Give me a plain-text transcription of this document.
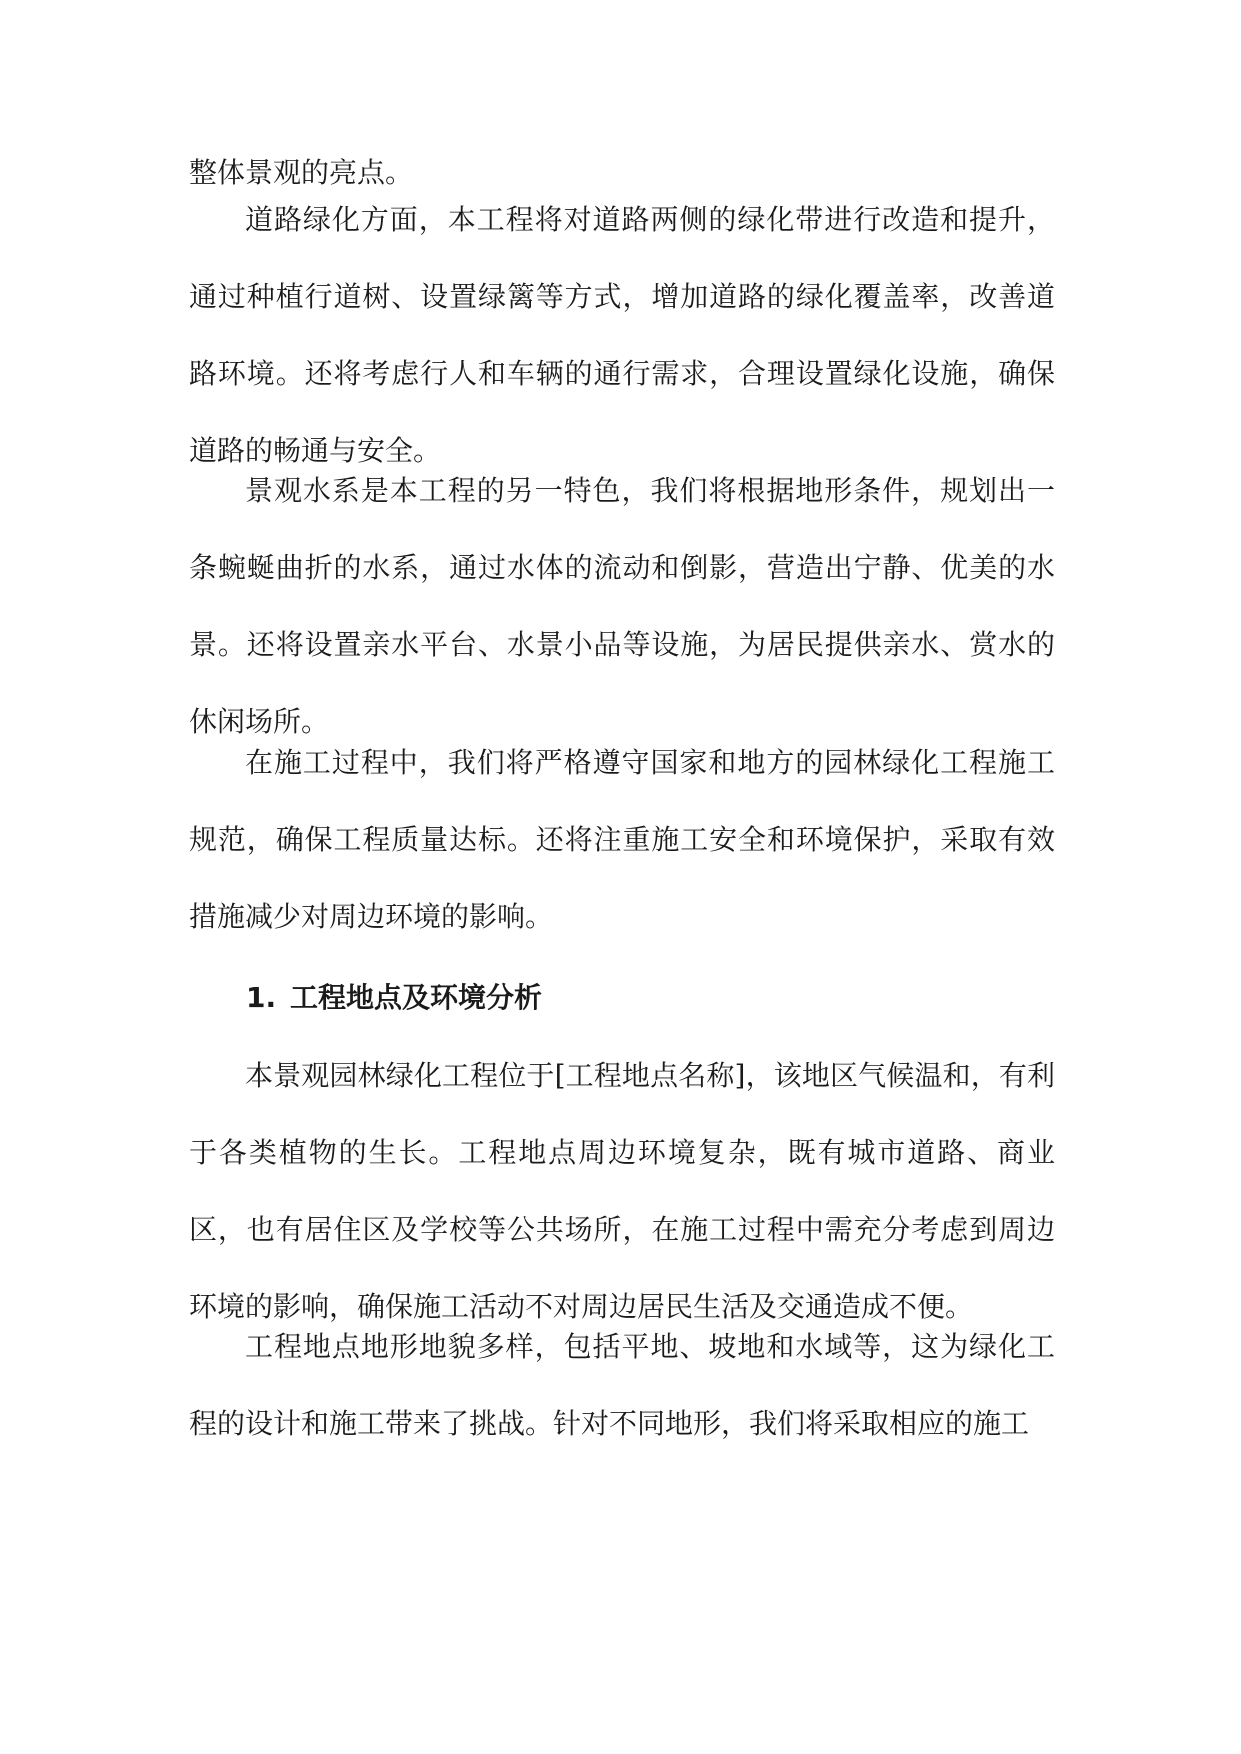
整体景观的亮点。

道路绿化方面，本工程将对道路两侧的绿化带进行改造和提升，通过种植行道树、设置绿篱等方式，增加道路的绿化覆盖率，改善道路环境。还将考虑行人和车辆的通行需求，合理设置绿化设施，确保道路的畅通与安全。

景观水系是本工程的另一特色，我们将根据地形条件，规划出一条蜿蜒曲折的水系，通过水体的流动和倒影，营造出宁静、优美的水景。还将设置亲水平台、水景小品等设施，为居民提供亲水、赏水的休闲场所。

在施工过程中，我们将严格遵守国家和地方的园林绿化工程施工规范，确保工程质量达标。还将注重施工安全和环境保护，采取有效措施减少对周边环境的影响。

1. 工程地点及环境分析

本景观园林绿化工程位于[工程地点名称]，该地区气候温和，有利于各类植物的生长。工程地点周边环境复杂，既有城市道路、商业区，也有居住区及学校等公共场所，在施工过程中需充分考虑到周边环境的影响，确保施工活动不对周边居民生活及交通造成不便。

工程地点地形地貌多样，包括平地、坡地和水域等，这为绿化工程的设计和施工带来了挑战。针对不同地形，我们将采取相应的施工
